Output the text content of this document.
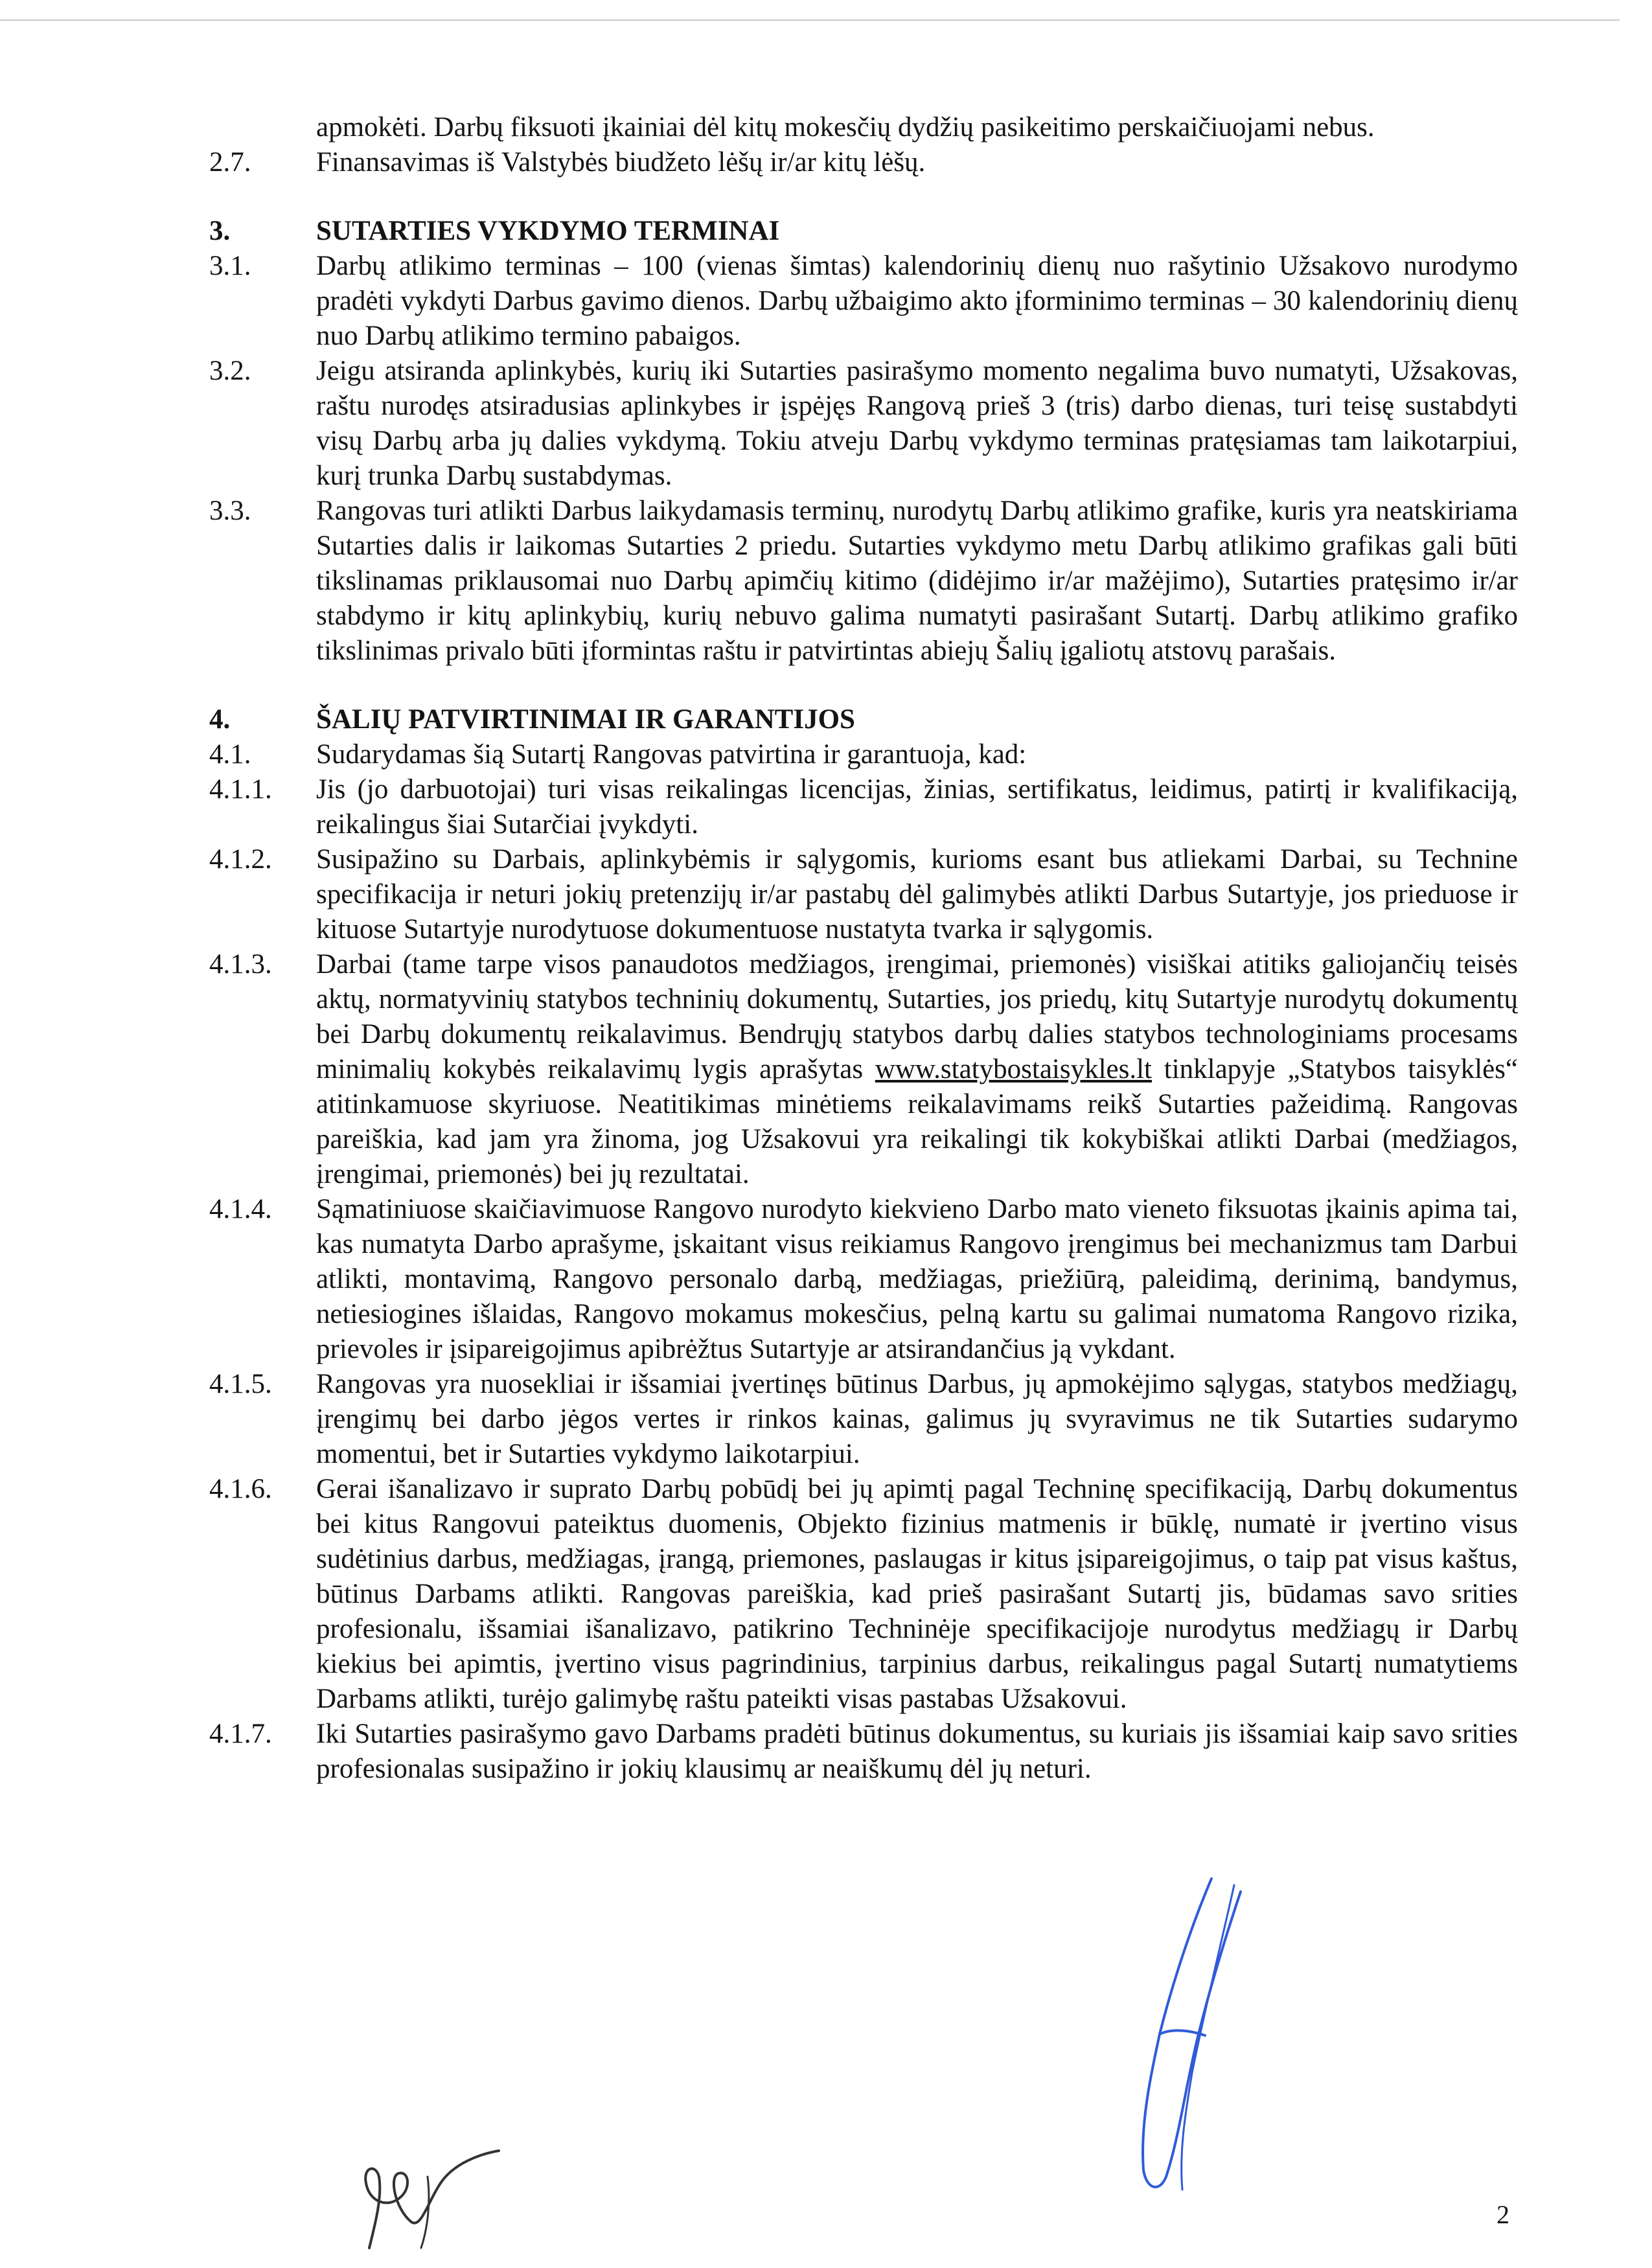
apmokėti. Darbų fiksuoti įkainiai dėl kitų mokesčių dydžių pasikeitimo perskaičiuojami nebus.

2.7. Finansavimas iš Valstybės biudžeto lėšų ir/ar kitų lėšų.

3.	SUTARTIES VYKDYMO TERMINAI

3.1. Darbų atlikimo terminas – 100 (vienas šimtas) kalendorinių dienų nuo rašytinio Užsakovo nurodymo pradėti vykdyti Darbus gavimo dienos. Darbų užbaigimo akto įforminimo terminas – 30 kalendorinių dienų nuo Darbų atlikimo termino pabaigos.

3.2. Jeigu atsiranda aplinkybės, kurių iki Sutarties pasirašymo momento negalima buvo numatyti, Užsakovas, raštu nurodęs atsiradusias aplinkybes ir įspėjęs Rangovą prieš 3 (tris) darbo dienas, turi teisę sustabdyti visų Darbų arba jų dalies vykdymą. Tokiu atveju Darbų vykdymo terminas pratęsiamas tam laikotarpiui, kurį trunka Darbų sustabdymas.

3.3. Rangovas turi atlikti Darbus laikydamasis terminų, nurodytų Darbų atlikimo grafike, kuris yra neatskiriama Sutarties dalis ir laikomas Sutarties 2 priedu. Sutarties vykdymo metu Darbų atlikimo grafikas gali būti tikslinamas priklausomai nuo Darbų apimčių kitimo (didėjimo ir/ar mažėjimo), Sutarties pratęsimo ir/ar stabdymo ir kitų aplinkybių, kurių nebuvo galima numatyti pasirašant Sutartį. Darbų atlikimo grafiko tikslinimas privalo būti įformintas raštu ir patvirtintas abiejų Šalių įgaliotų atstovų parašais.

4.	ŠALIŲ PATVIRTINIMAI IR GARANTIJOS

4.1. Sudarydamas šią Sutartį Rangovas patvirtina ir garantuoja, kad:

4.1.1. Jis (jo darbuotojai) turi visas reikalingas licencijas, žinias, sertifikatus, leidimus, patirtį ir kvalifikaciją, reikalingus šiai Sutarčiai įvykdyti.

4.1.2. Susipažino su Darbais, aplinkybėmis ir sąlygomis, kurioms esant bus atliekami Darbai, su Technine specifikacija ir neturi jokių pretenzijų ir/ar pastabų dėl galimybės atlikti Darbus Sutartyje, jos prieduose ir kituose Sutartyje nurodytuose dokumentuose nustatyta tvarka ir sąlygomis.

4.1.3. Darbai (tame tarpe visos panaudotos medžiagos, įrengimai, priemonės) visiškai atitiks galiojančių teisės aktų, normatyvinių statybos techninių dokumentų, Sutarties, jos priedų, kitų Sutartyje nurodytų dokumentų bei Darbų dokumentų reikalavimus. Bendrųjų statybos darbų dalies statybos technologiniams procesams minimalių kokybės reikalavimų lygis aprašytas www.statybostaisykles.lt tinklapyje „Statybos taisyklės“ atitinkamuose skyriuose. Neatitikimas minėtiems reikalavimams reikš Sutarties pažeidimą. Rangovas pareiškia, kad jam yra žinoma, jog Užsakovui yra reikalingi tik kokybiškai atlikti Darbai (medžiagos, įrengimai, priemonės) bei jų rezultatai.

4.1.4. Sąmatiniuose skaičiavimuose Rangovo nurodyto kiekvieno Darbo mato vieneto fiksuotas įkainis apima tai, kas numatyta Darbo aprašyme, įskaitant visus reikiamus Rangovo įrengimus bei mechanizmus tam Darbui atlikti, montavimą, Rangovo personalo darbą, medžiagas, priežiūrą, paleidimą, derinimą, bandymus, netiesiogines išlaidas, Rangovo mokamus mokesčius, pelną kartu su galimai numatoma Rangovo rizika, prievoles ir įsipareigojimus apibrėžtus Sutartyje ar atsirandančius ją vykdant.

4.1.5. Rangovas yra nuosekliai ir išsamiai įvertinęs būtinus Darbus, jų apmokėjimo sąlygas, statybos medžiagų, įrengimų bei darbo jėgos vertes ir rinkos kainas, galimus jų svyravimus ne tik Sutarties sudarymo momentui, bet ir Sutarties vykdymo laikotarpiui.

4.1.6. Gerai išanalizavo ir suprato Darbų pobūdį bei jų apimtį pagal Techninę specifikaciją, Darbų dokumentus bei kitus Rangovui pateiktus duomenis, Objekto fizinius matmenis ir būklę, numatė ir įvertino visus sudėtinius darbus, medžiagas, įrangą, priemones, paslaugas ir kitus įsipareigojimus, o taip pat visus kaštus, būtinus Darbams atlikti. Rangovas pareiškia, kad prieš pasirašant Sutartį jis, būdamas savo srities profesionalu, išsamiai išanalizavo, patikrino Techninėje specifikacijoje nurodytus medžiagų ir Darbų kiekius bei apimtis, įvertino visus pagrindinius, tarpinius darbus, reikalingus pagal Sutartį numatytiems Darbams atlikti, turėjo galimybę raštu pateikti visas pastabas Užsakovui.

4.1.7. Iki Sutarties pasirašymo gavo Darbams pradėti būtinus dokumentus, su kuriais jis išsamiai kaip savo srities profesionalas susipažino ir jokių klausimų ar neaiškumų dėl jų neturi.

2
